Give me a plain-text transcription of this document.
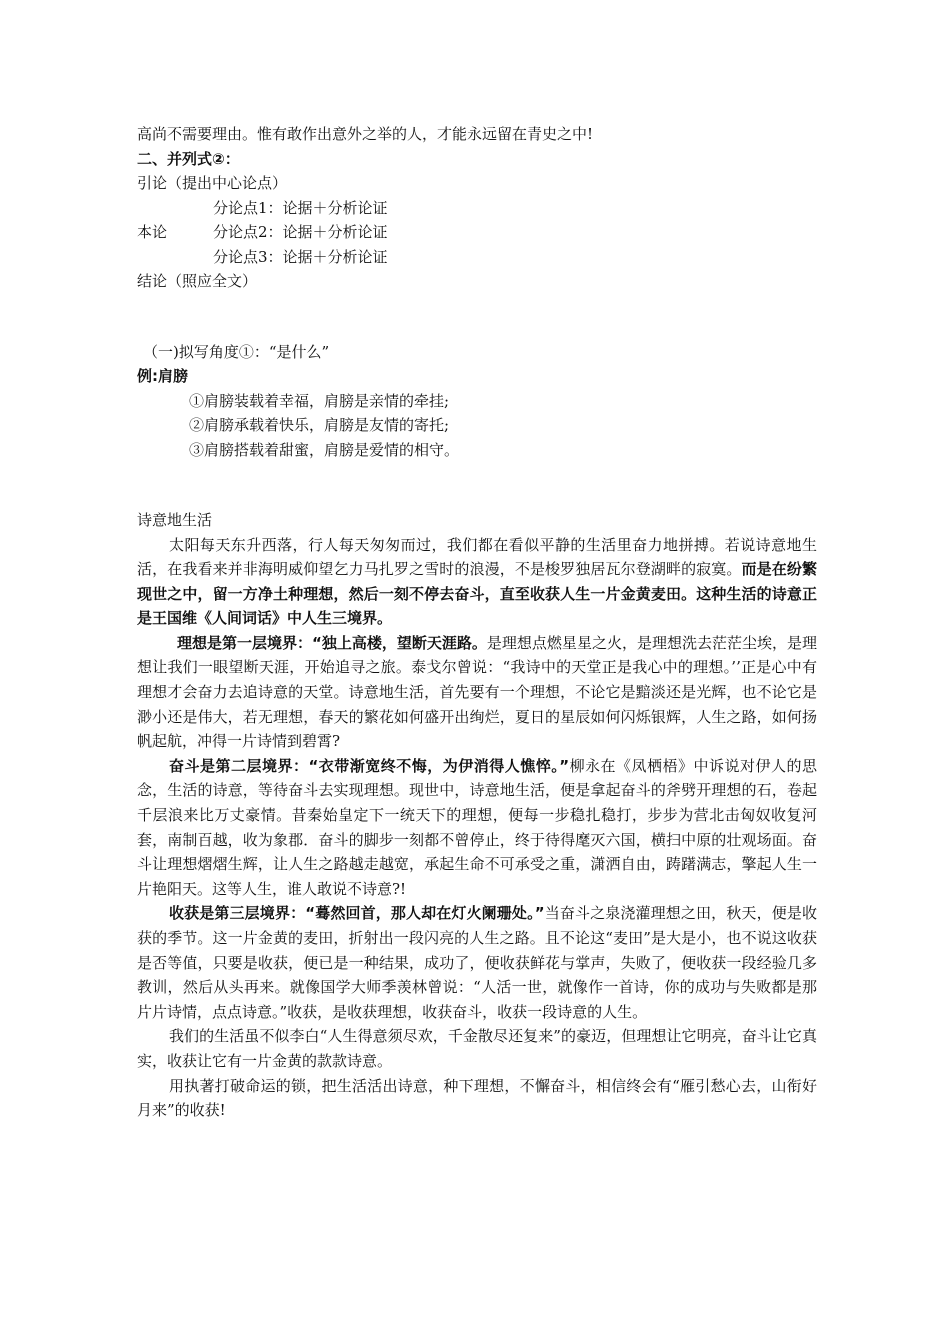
高尚不需要理由。惟有敢作出意外之举的人，才能永远留在青史之中!
二、并列式②：
引论（提出中心论点）
分论点1：论据＋分析论证
本论	分论点2：论据＋分析论证
分论点3：论据＋分析论证
结论（照应全文）
（一)拟写角度①：“是什么”
例:肩膀
①肩膀装载着幸福，肩膀是亲情的牵挂;
②肩膀承载着快乐，肩膀是友情的寄托;
③肩膀搭载着甜蜜，肩膀是爱情的相守。
诗意地生活

太阳每天东升西落，行人每天匆匆而过，我们都在看似平静的生活里奋力地拼搏。若说诗意地生活，在我看来并非海明威仰望乞力马扎罗之雪时的浪漫，不是梭罗独居瓦尔登湖畔的寂寞。而是在纷繁现世之中，留一方净土种理想，然后一刻不停去奋斗，直至收获人生一片金黄麦田。这种生活的诗意正是王国维《人间词话》中人生三境界。

理想是第一层境界：“独上高楼，望断天涯路。是理想点燃星星之火，是理想洗去茫茫尘埃，是理想让我们一眼望断天涯，开始追寻之旅。泰戈尔曾说：“我诗中的天堂正是我心中的理想。’’正是心中有理想才会奋力去追诗意的天堂。诗意地生活，首先要有一个理想，不论它是黯淡还是光辉，也不论它是渺小还是伟大，若无理想，春天的繁花如何盛开出绚烂，夏日的星辰如何闪烁银辉，人生之路，如何扬帆起航，冲得一片诗情到碧霄?

奋斗是第二层境界：“衣带渐宽终不悔，为伊消得人憔悴。”柳永在《凤栖梧》中诉说对伊人的思念，生活的诗意，等待奋斗去实现理想。现世中，诗意地生活，便是拿起奋斗的斧劈开理想的石，卷起千层浪来比万丈豪情。昔秦始皇定下一统天下的理想，便每一步稳扎稳打，步步为营北击匈奴收复河套，南制百越，收为象郡．奋斗的脚步一刻都不曾停止，终于待得麾灭六国，横扫中原的壮观场面。奋斗让理想熠熠生辉，让人生之路越走越宽，承起生命不可承受之重，潇洒自由，踌躇满志，擎起人生一片艳阳天。这等人生，谁人敢说不诗意?!

收获是第三层境界：“蓦然回首，那人却在灯火阑珊处。”当奋斗之泉浇灌理想之田，秋天，便是收获的季节。这一片金黄的麦田，折射出一段闪亮的人生之路。且不论这“麦田”是大是小，也不说这收获是否等值，只要是收获，便已是一种结果，成功了，便收获鲜花与掌声，失败了，便收获一段经验几多教训，然后从头再来。就像国学大师季羡林曾说：“人活一世，就像作一首诗，你的成功与失败都是那片片诗情，点点诗意。”收获，是收获理想，收获奋斗，收获一段诗意的人生。

我们的生活虽不似李白“人生得意须尽欢，千金散尽还复来”的豪迈，但理想让它明亮，奋斗让它真实，收获让它有一片金黄的款款诗意。

用执著打破命运的锁，把生活活出诗意，种下理想，不懈奋斗，相信终会有“雁引愁心去，山衔好月来”的收获!
